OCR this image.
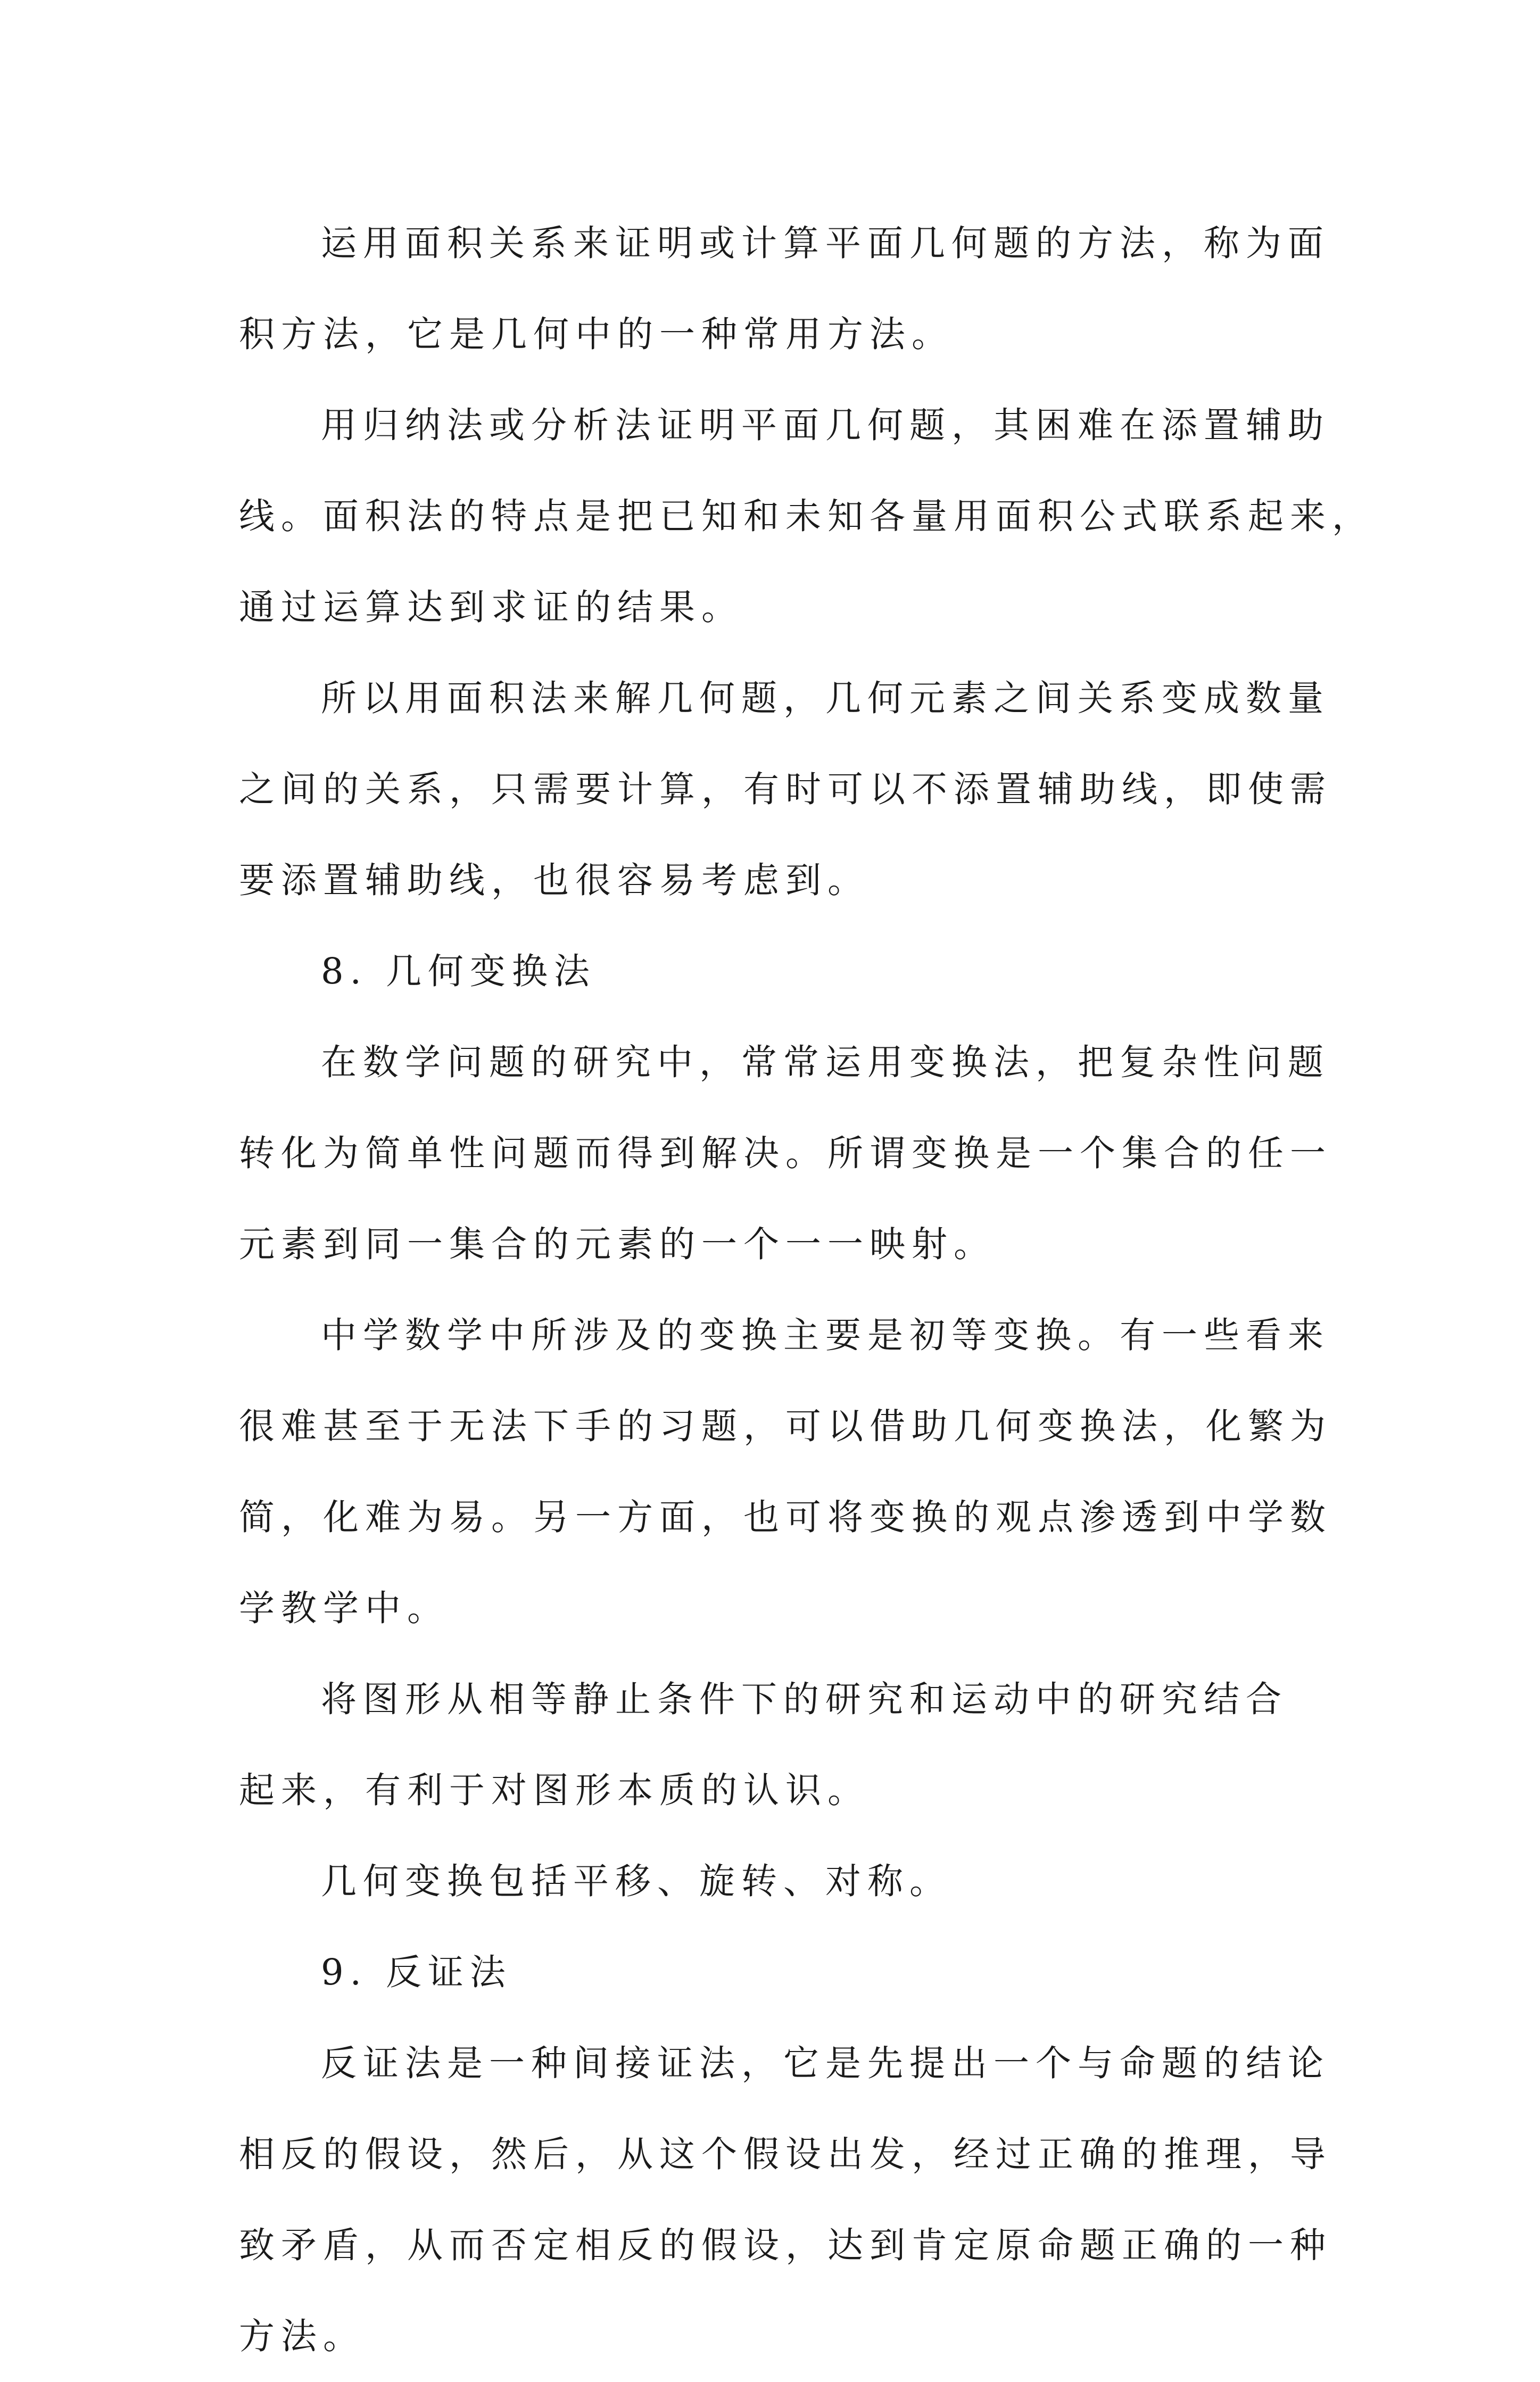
运用面积关系来证明或计算平面几何题的方法，称为面
积方法，它是几何中的一种常用方法。

用归纳法或分析法证明平面几何题，其困难在添置辅助
线。面积法的特点是把已知和未知各量用面积公式联系起来，
通过运算达到求证的结果。

所以用面积法来解几何题，几何元素之间关系变成数量
之间的关系，只需要计算，有时可以不添置辅助线，即使需
要添置辅助线，也很容易考虑到。

8. 几何变换法

在数学问题的研究中，常常运用变换法，把复杂性问题
转化为简单性问题而得到解决。所谓变换是一个集合的任一
元素到同一集合的元素的一个一一映射。

中学数学中所涉及的变换主要是初等变换。有一些看来
很难甚至于无法下手的习题，可以借助几何变换法，化繁为
简，化难为易。另一方面，也可将变换的观点渗透到中学数
学教学中。

将图形从相等静止条件下的研究和运动中的研究结合
起来，有利于对图形本质的认识。

几何变换包括平移、旋转、对称。

9. 反证法

反证法是一种间接证法，它是先提出一个与命题的结论
相反的假设，然后，从这个假设出发，经过正确的推理，导
致矛盾，从而否定相反的假设，达到肯定原命题正确的一种
方法。
